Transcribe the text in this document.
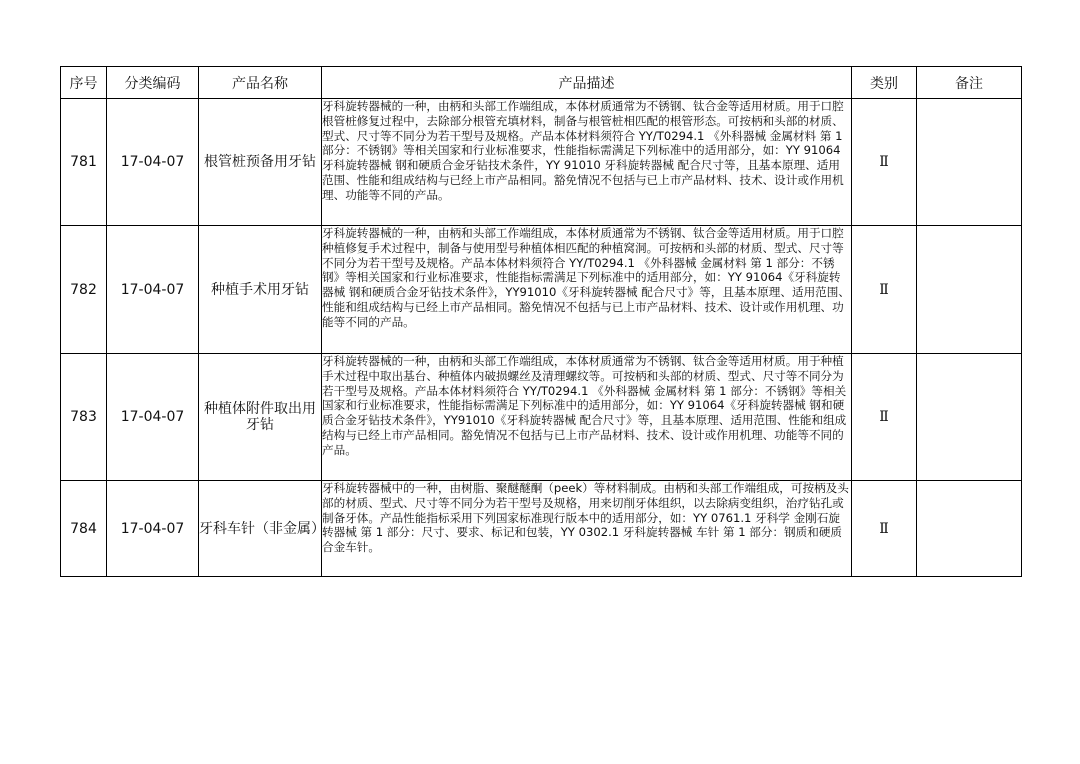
序号	分类编码	产品名称	产品描述	类别	备注
781	17-04-07	根管桩预备用牙钻	牙科旋转器械的一种，由柄和头部工作端组成，本体材质通常为不锈钢、钛合金等适用材质。用于口腔根管桩修复过程中，去除部分根管充填材料，制备与根管桩相匹配的根管形态。可按柄和头部的材质、型式、尺寸等不同分为若干型号及规格。产品本体材料须符合 YY/T0294.1 《外科器械 金属材料 第 1 部分：不锈钢》等相关国家和行业标准要求，性能指标需满足下列标准中的适用部分，如：YY 91064 牙科旋转器械 钢和硬质合金牙钻技术条件，YY 91010 牙科旋转器械 配合尺寸等，且基本原理、适用范围、性能和组成结构与已经上市产品相同。豁免情况不包括与已上市产品材料、技术、设计或作用机理、功能等不同的产品。	Ⅱ	
782	17-04-07	种植手术用牙钻	牙科旋转器械的一种，由柄和头部工作端组成，本体材质通常为不锈钢、钛合金等适用材质。用于口腔种植修复手术过程中，制备与使用型号种植体相匹配的种植窝洞。可按柄和头部的材质、型式、尺寸等不同分为若干型号及规格。产品本体材料须符合 YY/T0294.1 《外科器械 金属材料 第 1 部分：不锈钢》等相关国家和行业标准要求，性能指标需满足下列标准中的适用部分，如：YY 91064《牙科旋转器械 钢和硬质合金牙钻技术条件》，YY91010《牙科旋转器械 配合尺寸》等，且基本原理、适用范围、性能和组成结构与已经上市产品相同。豁免情况不包括与已上市产品材料、技术、设计或作用机理、功能等不同的产品。	Ⅱ	
783	17-04-07	种植体附件取出用牙钻	牙科旋转器械的一种，由柄和头部工作端组成，本体材质通常为不锈钢、钛合金等适用材质。用于种植手术过程中取出基台、种植体内破损螺丝及清理螺纹等。可按柄和头部的材质、型式、尺寸等不同分为若干型号及规格。产品本体材料须符合 YY/T0294.1 《外科器械 金属材料 第 1 部分：不锈钢》等相关国家和行业标准要求，性能指标需满足下列标准中的适用部分，如：YY 91064《牙科旋转器械 钢和硬质合金牙钻技术条件》，YY91010《牙科旋转器械 配合尺寸》等，且基本原理、适用范围、性能和组成结构与已经上市产品相同。豁免情况不包括与已上市产品材料、技术、设计或作用机理、功能等不同的产品。	Ⅱ	
784	17-04-07	牙科车针（非金属）	牙科旋转器械中的一种，由树脂、聚醚醚酮（peek）等材料制成。由柄和头部工作端组成，可按柄及头部的材质、型式、尺寸等不同分为若干型号及规格，用来切削牙体组织，以去除病变组织，治疗钻孔或制备牙体。产品性能指标采用下列国家标准现行版本中的适用部分，如：YY 0761.1 牙科学 金刚石旋转器械 第 1 部分：尺寸、要求、标记和包装，YY 0302.1 牙科旋转器械 车针 第 1 部分：钢质和硬质合金车针。	Ⅱ	
